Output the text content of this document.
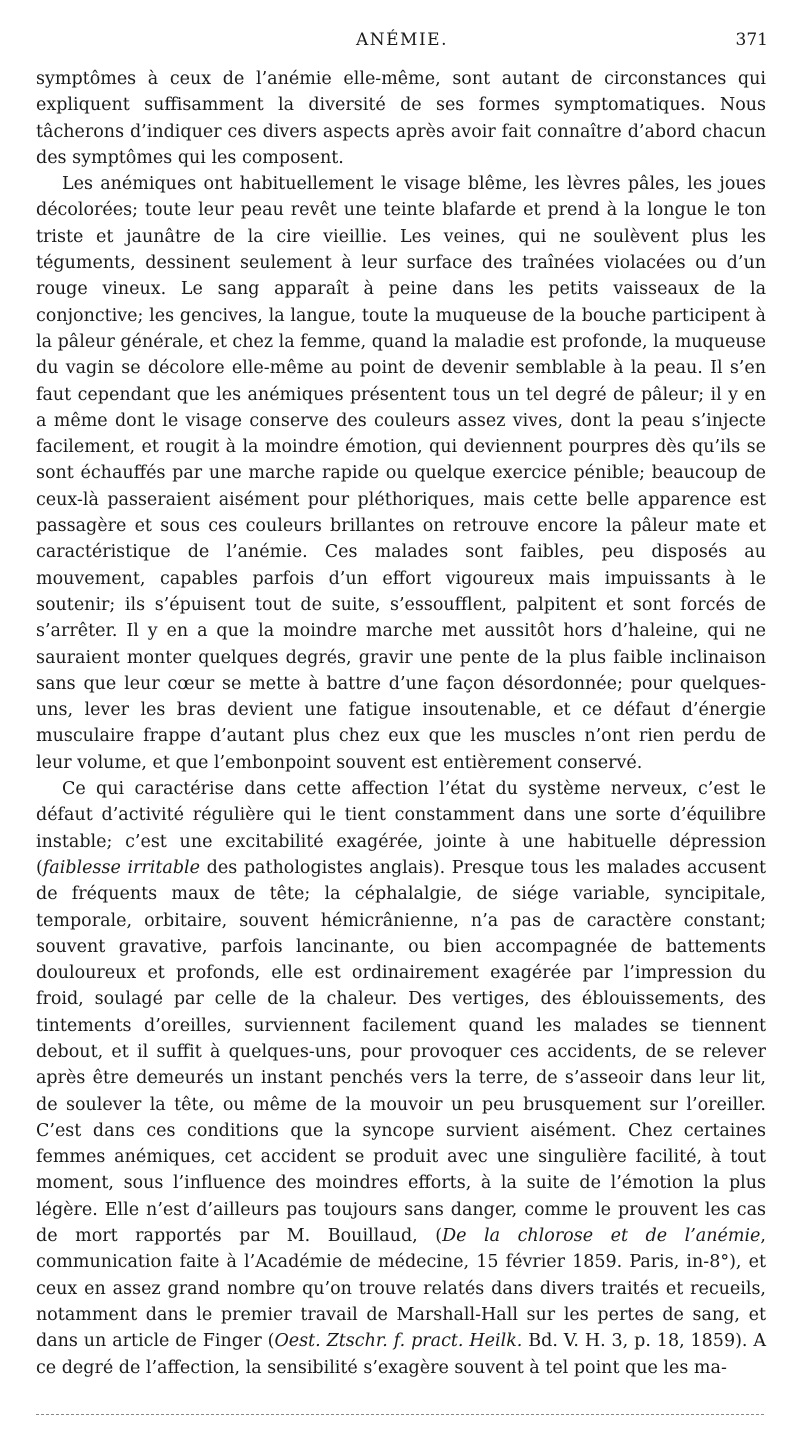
ANÉMIE.	371

symptômes à ceux de l’anémie elle-même, sont autant de circonstances qui expliquent suffisamment la diversité de ses formes symptomatiques. Nous tâcherons d’indiquer ces divers aspects après avoir fait connaître d’abord chacun des symptômes qui les composent.

Les anémiques ont habituellement le visage blême, les lèvres pâles, les joues décolorées; toute leur peau revêt une teinte blafarde et prend à la longue le ton triste et jaunâtre de la cire vieillie. Les veines, qui ne soulèvent plus les téguments, dessinent seulement à leur surface des traînées violacées ou d’un rouge vineux. Le sang apparaît à peine dans les petits vaisseaux de la conjonctive; les gencives, la langue, toute la muqueuse de la bouche participent à la pâleur générale, et chez la femme, quand la maladie est profonde, la muqueuse du vagin se décolore elle-même au point de devenir semblable à la peau. Il s’en faut cependant que les anémiques présentent tous un tel degré de pâleur; il y en a même dont le visage conserve des couleurs assez vives, dont la peau s’injecte facilement, et rougit à la moindre émotion, qui deviennent pourpres dès qu’ils se sont échauffés par une marche rapide ou quelque exercice pénible; beaucoup de ceux-là passeraient aisément pour pléthoriques, mais cette belle apparence est passagère et sous ces couleurs brillantes on retrouve encore la pâleur mate et caractéristique de l’anémie. Ces malades sont faibles, peu disposés au mouvement, capables parfois d’un effort vigoureux mais impuissants à le soutenir; ils s’épuisent tout de suite, s’essoufflent, palpitent et sont forcés de s’arrêter. Il y en a que la moindre marche met aussitôt hors d’haleine, qui ne sauraient monter quelques degrés, gravir une pente de la plus faible inclinaison sans que leur cœur se mette à battre d’une façon désordonnée; pour quelques-uns, lever les bras devient une fatigue insoutenable, et ce défaut d’énergie musculaire frappe d’autant plus chez eux que les muscles n’ont rien perdu de leur volume, et que l’embonpoint souvent est entièrement conservé.

Ce qui caractérise dans cette affection l’état du système nerveux, c’est le défaut d’activité régulière qui le tient constamment dans une sorte d’équilibre instable; c’est une excitabilité exagérée, jointe à une habituelle dépression (faiblesse irritable des pathologistes anglais). Presque tous les malades accusent de fréquents maux de tête; la céphalalgie, de siége variable, syncipitale, temporale, orbitaire, souvent hémicrânienne, n’a pas de caractère constant; souvent gravative, parfois lancinante, ou bien accompagnée de battements douloureux et profonds, elle est ordinairement exagérée par l’impression du froid, soulagé par celle de la chaleur. Des vertiges, des éblouissements, des tintements d’oreilles, surviennent facilement quand les malades se tiennent debout, et il suffit à quelques-uns, pour provoquer ces accidents, de se relever après être demeurés un instant penchés vers la terre, de s’asseoir dans leur lit, de soulever la tête, ou même de la mouvoir un peu brusquement sur l’oreiller. C’est dans ces conditions que la syncope survient aisément. Chez certaines femmes anémiques, cet accident se produit avec une singulière facilité, à tout moment, sous l’influence des moindres efforts, à la suite de l’émotion la plus légère. Elle n’est d’ailleurs pas toujours sans danger, comme le prouvent les cas de mort rapportés par M. Bouillaud, (De la chlorose et de l’anémie, communication faite à l’Académie de médecine, 15 février 1859. Paris, in-8°), et ceux en assez grand nombre qu’on trouve relatés dans divers traités et recueils, notamment dans le premier travail de Marshall-Hall sur les pertes de sang, et dans un article de Finger (Oest. Ztschr. f. pract. Heilk. Bd. V. H. 3, p. 18, 1859). A ce degré de l’affection, la sensibilité s’exagère souvent à tel point que les ma-
